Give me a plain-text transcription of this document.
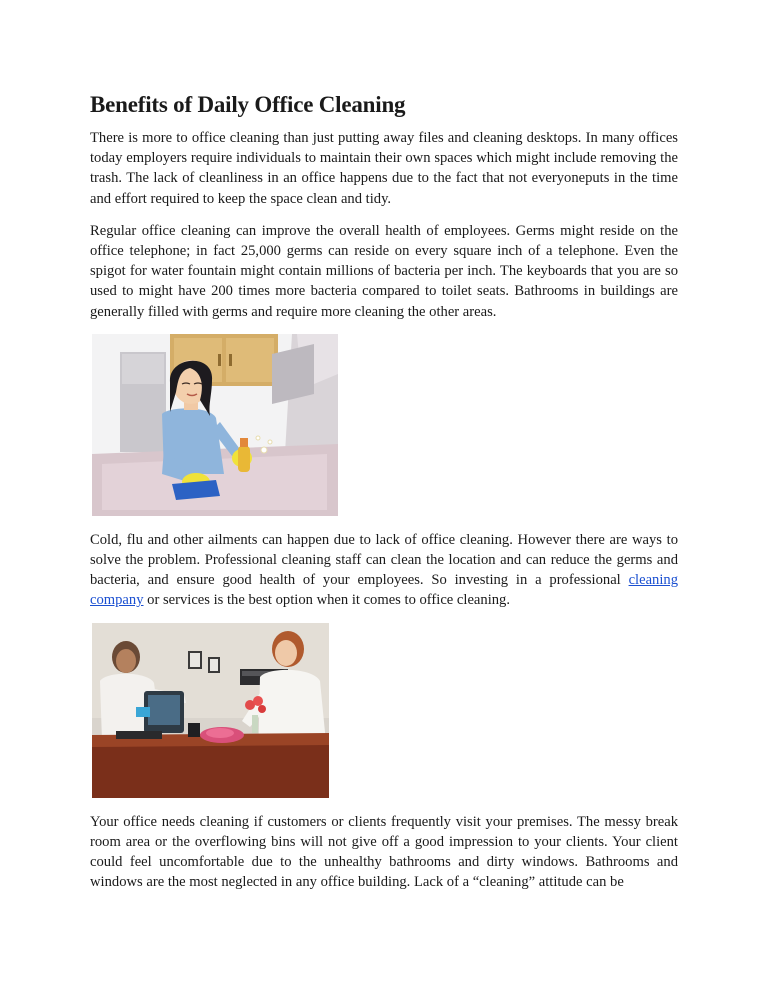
Benefits of Daily Office Cleaning

There is more to office cleaning than just putting away files and cleaning desktops. In many offices today employers require individuals to maintain their own spaces which might include removing the trash. The lack of cleanliness in an office happens due to the fact that not everyoneputs in the time and effort required to keep the space clean and tidy.

Regular office cleaning can improve the overall health of employees. Germs might reside on the office telephone; in fact 25,000 germs can reside on every square inch of a telephone. Even the spigot for water fountain might contain millions of bacteria per inch. The keyboards that you are so used to might have 200 times more bacteria compared to toilet seats. Bathrooms in buildings are generally filled with germs and require more cleaning the other areas.

Cold, flu and other ailments can happen due to lack of office cleaning. However there are ways to solve the problem. Professional cleaning staff can clean the location and can reduce the germs and bacteria, and ensure good health of your employees. So investing in a professional cleaning company or services is the best option when it comes to office cleaning.

Your office needs cleaning if customers or clients frequently visit your premises. The messy break room area or the overflowing bins will not give off a good impression to your clients. Your client could feel uncomfortable due to the unhealthy bathrooms and dirty windows. Bathrooms and windows are the most neglected in any office building. Lack of a “cleaning” attitude can be
